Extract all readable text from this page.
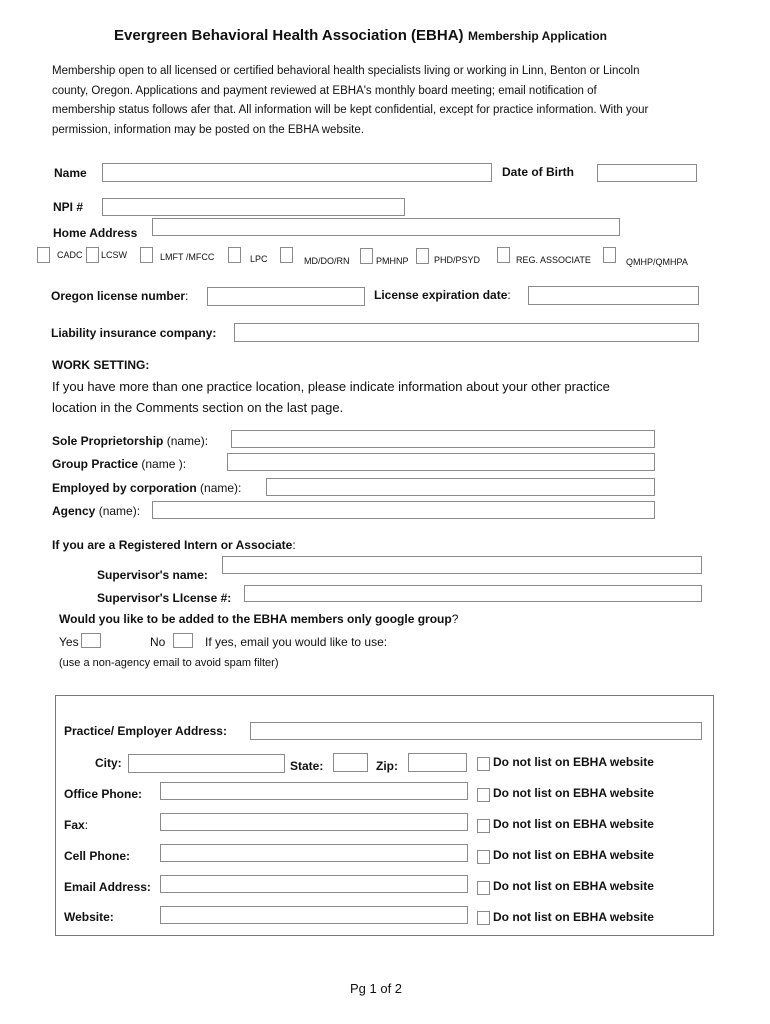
Evergreen Behavioral Health Association (EBHA) Membership Application
Membership open to all licensed or certified behavioral health specialists living or working in Linn, Benton or Lincoln county, Oregon. Applications and payment reviewed at EBHA's monthly board meeting; email notification of membership status follows afer that. All information will be kept confidential, except for practice information. With your permission, information may be posted on the EBHA website.
Name	Date of Birth
NPI #
Home Address
CADC LCSW	LMFT /MFCC	LPC	MD/DO/RN	PMHNP	PHD/PSYD	REG. ASSOCIATE	QMHP/QMHPA
Oregon license number:	License expiration date:
Liability insurance company:
WORK SETTING:
If you have more than one practice location, please indicate information about your other practice
location in the Comments section on the last page.
Sole Proprietorship (name):
Group Practice (name ):
Employed by corporation (name):
Agency (name):
If you are a Registered Intern or Associate:
Supervisor's name:
Supervisor's LIcense #:
Would you like to be added to the EBHA members only google group?
Yes	No	If yes, email you would like to use:
(use a non-agency email to avoid spam filter)
Practice/ Employer Address:
City:	State:	Zip:	Do not list on EBHA website
Office Phone:	Do not list on EBHA website
Fax:	Do not list on EBHA website
Cell Phone:	Do not list on EBHA website
Email Address:	Do not list on EBHA website
Website:	Do not list on EBHA website
Pg 1 of 2
